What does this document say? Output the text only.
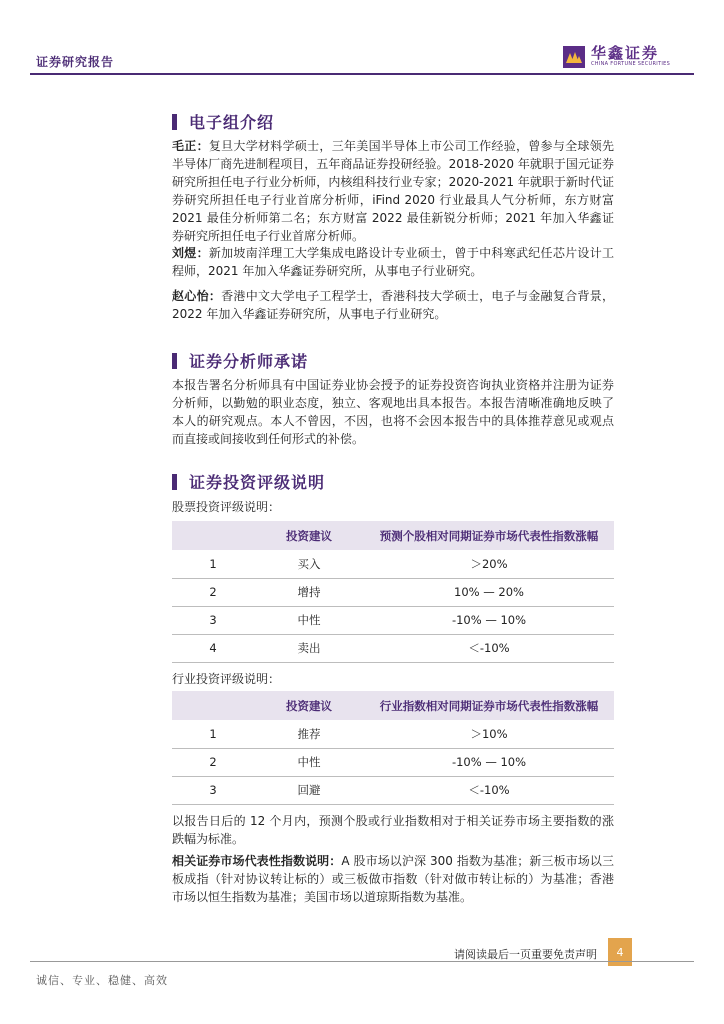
证券研究报告	华鑫证券
CHINA FORTUNE SECURITIES
电子组介绍
毛正：复旦大学材料学硕士，三年美国半导体上市公司工作经验，曾参与全球领先半导体厂商先进制程项目，五年商品证券投研经验。2018-2020 年就职于国元证券研究所担任电子行业分析师，内核组科技行业专家；2020-2021 年就职于新时代证券研究所担任电子行业首席分析师，iFind 2020 行业最具人气分析师，东方财富 2021 最佳分析师第二名；东方财富 2022 最佳新锐分析师；2021 年加入华鑫证券研究所担任电子行业首席分析师。
刘煜：新加坡南洋理工大学集成电路设计专业硕士，曾于中科寒武纪任芯片设计工程师，2021 年加入华鑫证券研究所，从事电子行业研究。
赵心怡：香港中文大学电子工程学士，香港科技大学硕士，电子与金融复合背景，2022 年加入华鑫证券研究所，从事电子行业研究。
证券分析师承诺
本报告署名分析师具有中国证券业协会授予的证券投资咨询执业资格并注册为证券分析师，以勤勉的职业态度，独立、客观地出具本报告。本报告清晰准确地反映了本人的研究观点。本人不曾因，不因，也将不会因本报告中的具体推荐意见或观点而直接或间接收到任何形式的补偿。
证券投资评级说明
股票投资评级说明：
	投资建议	预测个股相对同期证券市场代表性指数涨幅
1	买入	＞20%
2	增持	10% — 20%
3	中性	-10% — 10%
4	卖出	＜-10%
行业投资评级说明：
	投资建议	行业指数相对同期证券市场代表性指数涨幅
1	推荐	＞10%
2	中性	-10% — 10%
3	回避	＜-10%
以报告日后的 12 个月内，预测个股或行业指数相对于相关证券市场主要指数的涨跌幅为标准。
相关证券市场代表性指数说明：A 股市场以沪深 300 指数为基准；新三板市场以三板成指（针对协议转让标的）或三板做市指数（针对做市转让标的）为基准；香港市场以恒生指数为基准；美国市场以道琼斯指数为基准。
请阅读最后一页重要免责声明	4
诚信、专业、稳健、高效
